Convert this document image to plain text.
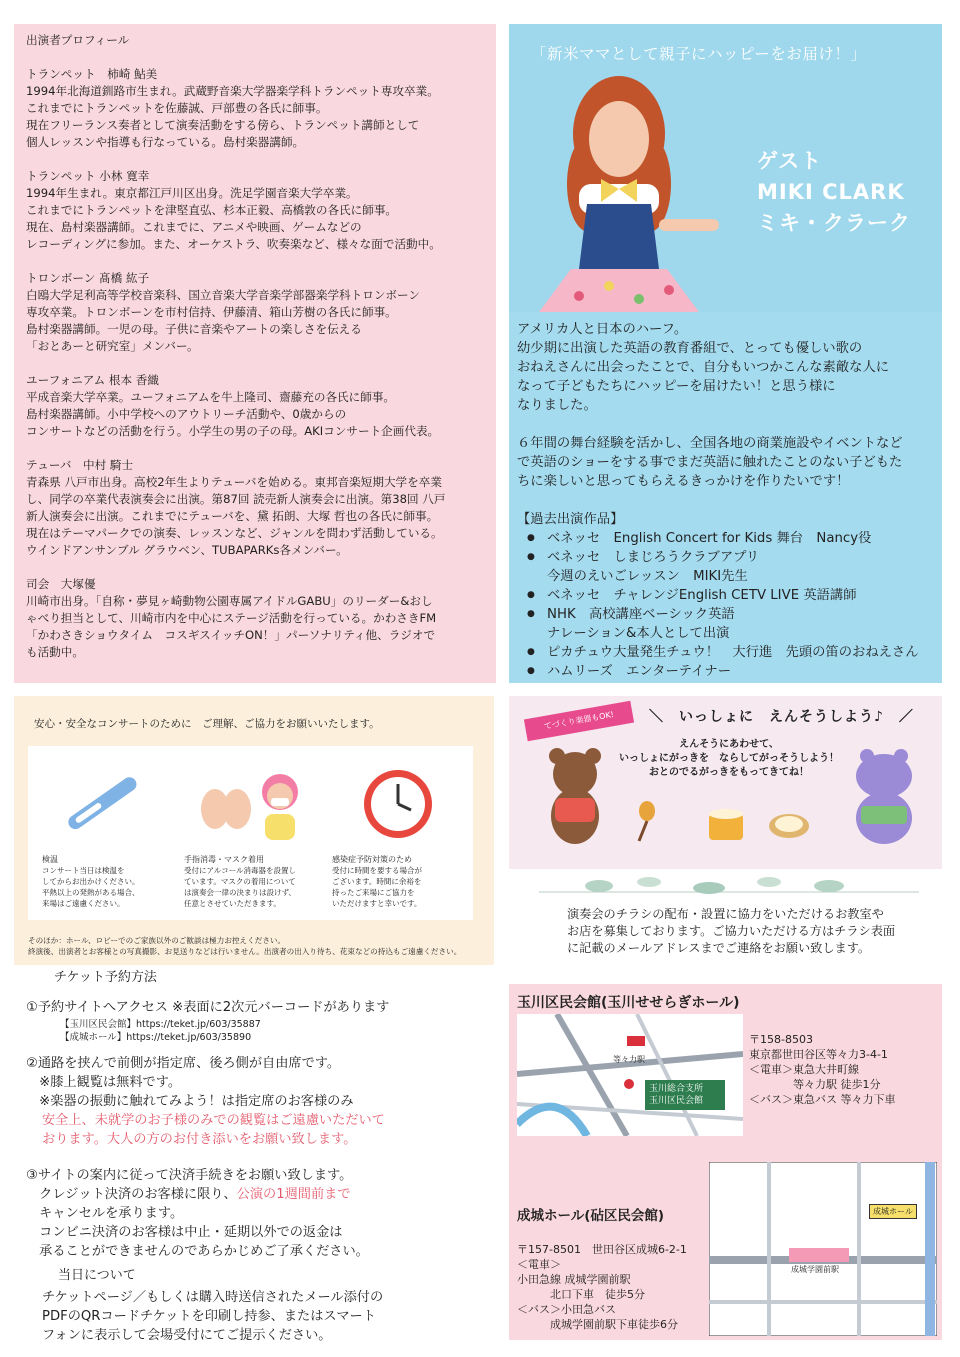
出演者プロフィール
トランペット　柿崎 鮎美
1994年北海道釧路市生まれ。武蔵野音楽大学器楽学科トランペット専攻卒業。
これまでにトランペットを佐藤誠、戸部豊の各氏に師事。
現在フリーランス奏者として演奏活動をする傍ら、トランペット講師として
個人レッスンや指導も行なっている。島村楽器講師。
トランペット 小林 寛幸
1994年生まれ。東京都江戸川区出身。洗足学園音楽大学卒業。
これまでにトランペットを津堅直弘、杉本正毅、高橋敦の各氏に師事。
現在、島村楽器講師。これまでに、アニメや映画、ゲームなどの
レコーディングに参加。また、オーケストラ、吹奏楽など、様々な面で活動中。
トロンボーン 髙橋 紘子
白鴎大学足利高等学校音楽科、国立音楽大学音楽学部器楽学科トロンボーン
専攻卒業。トロンボーンを市村信持、伊藤清、箱山芳樹の各氏に師事。
島村楽器講師。一児の母。子供に音楽やアートの楽しさを伝える
「おとあーと研究室」メンバー。
ユーフォニアム 根本 香織
平成音楽大学卒業。ユーフォニアムを牛上隆司、齋藤充の各氏に師事。
島村楽器講師。小中学校へのアウトリーチ活動や、0歳からの
コンサートなどの活動を行う。小学生の男の子の母。AKIコンサート企画代表。
テューバ　中村 騎士
青森県 八戸市出身。高校2年生よりテューバを始める。東邦音楽短期大学を卒業
し、同学の卒業代表演奏会に出演。第87回 読売新人演奏会に出演。第38回 八戸
新人演奏会に出演。これまでにテューバを、黛 拓朗、大塚 哲也の各氏に師事。
現在はテーマパークでの演奏、レッスンなど、ジャンルを問わず活動している。
ウインドアンサンブル グラウベン、TUBAPARKs各メンバー。
司会　大塚優
川崎市出身。「自称・夢見ヶ崎動物公園専属アイドルGABU」のリーダー&おし
ゃべり担当として、川崎市内を中心にステージ活動を行っている。かわさきFM
「かわさきショウタイム　コスギスイッチON！」パーソナリティ他、ラジオで
も活動中。
「新米ママとして親子にハッピーをお届け！」
ゲスト
MIKI CLARK
ミキ・クラーク

アメリカ人と日本のハーフ。
幼少期に出演した英語の教育番組で、とっても優しい歌の
おねえさんに出会ったことで、自分もいつかこんな素敵な人に
なって子どもたちにハッピーを届けたい！と思う様に
なりました。

６年間の舞台経験を活かし、全国各地の商業施設やイベントなど
で英語のショーをする事でまだ英語に触れたことのない子どもた
ちに楽しいと思ってもらえるきっかけを作りたいです！

【過去出演作品】
● ベネッセ　English Concert for Kids 舞台　Nancy役
● ベネッセ　しまじろうクラブアプリ
今週のえいごレッスン　MIKI先生
● ベネッセ　チャレンジEnglish CETV LIVE 英語講師
● NHK　高校講座ベーシック英語
ナレーション&本人として出演
● ピカチュウ大量発生チュウ！　大行進　先頭の笛のおねえさん
● ハムリーズ　エンターテイナー
安心・安全なコンサートのために　ご理解、ご協力をお願いいたします。
検温
コンサート当日は検温を
してからお出かけください。
平熱以上の発熱がある場合、
来場はご遠慮ください。
手指消毒・マスク着用
受付にアルコール消毒器を設置し
ています。マスクの着用について
は演奏会一律の決まりは設けず、
任意とさせていただきます。
感染症予防対策のため
受付に時間を要する場合が
ございます。時間に余裕を
持ったご来場にご協力を
いただけますと幸いです。
そのほか：ホール、ロビーでのご家族以外のご歓談は極力お控えください。
終演後、出演者とお客様との写真撮影、お見送りなどは行いません。出演者の出入り待ち、花束などの持込もご遠慮ください。
てづくり楽器もOK!	＼　いっしょに　えんそうしよう♪　／
えんそうにあわせて、
いっしょにがっきを　ならしてがっそうしよう！
おとのでるがっきをもってきてね！
演奏会のチラシの配布・設置に協力をいただけるお教室や
お店を募集しております。ご協力いただける方はチラシ表面
に記載のメールアドレスまでご連絡をお願い致します。
チケット予約方法
①予約サイトへアクセス ※表面に2次元バーコードがあります
【玉川区民会館】https://teket.jp/603/35887
【成城ホール】https://teket.jp/603/35890
②通路を挟んで前側が指定席、後ろ側が自由席です。
　※膝上観覧は無料です。
　※楽器の振動に触れてみよう！は指定席のお客様のみ
安全上、未就学のお子様のみでの観覧はご遠慮いただいて
おります。大人の方のお付き添いをお願い致します。
③サイトの案内に従って決済手続きをお願い致します。
　クレジット決済のお客様に限り、公演の1週間前まで
　キャンセルを承ります。
　コンビニ決済のお客様は中止・延期以外での返金は
　承ることができませんのであらかじめご了承ください。
当日について
チケットページ／もしくは購入時送信されたメール添付の
PDFのQRコードチケットを印刷し持参、またはスマート
フォンに表示して会場受付にてご提示ください。
玉川区民会館(玉川せせらぎホール)
玉川総合支所
玉川区民会館
等々力駅
〒158-8503
東京都世田谷区等々力3-4-1
＜電車＞東急大井町線
　　　　等々力駅 徒歩1分
＜バス＞東急バス 等々力下車
成城ホール(砧区民会館)
〒157-8501　世田谷区成城6-2-1
＜電車＞
小田急線 成城学園前駅
　　　北口下車　徒歩5分
＜バス＞小田急バス
　　　成城学園前駅下車徒歩6分
成城ホール
成城学園前駅
